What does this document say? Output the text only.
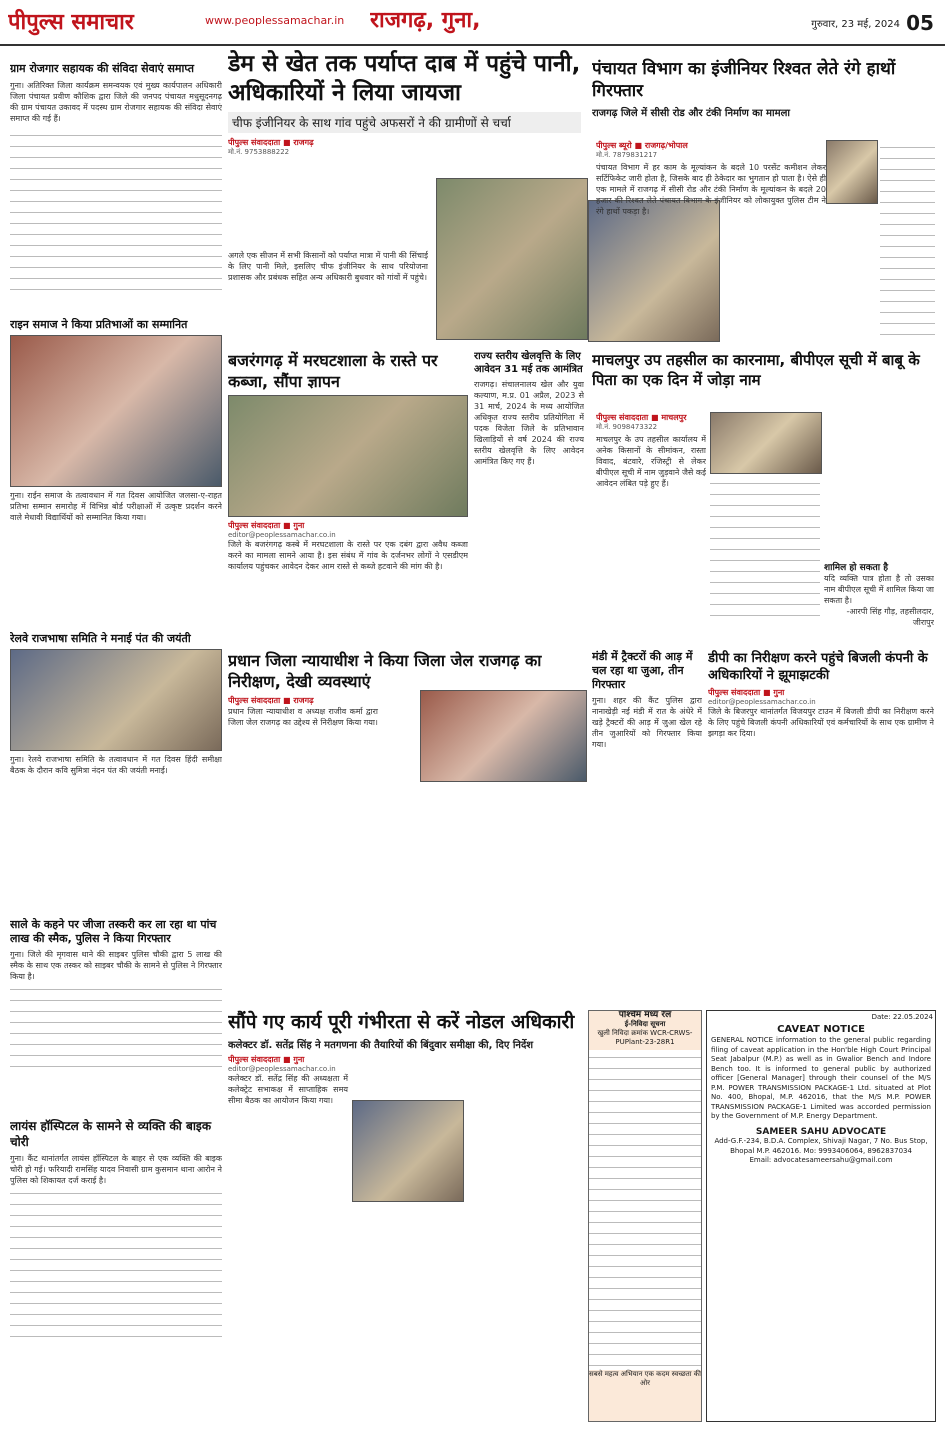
पीपुल्स समाचार	www.peoplessamachar.in	राजगढ़, गुना,	गुरुवार, 23 मई, 2024 05
ग्राम रोजगार सहायक की संविदा सेवाएं समाप्त
गुना। अतिरिक्त जिला कार्यक्रम समन्वयक एवं मुख्य कार्यपालन अधिकारी जिला पंचायत प्रवीण कौशिक द्वारा जिले की जनपद पंचायत मधुसूदनगढ़ की ग्राम पंचायत उकावद में पदस्थ ग्राम रोजगार सहायक की संविदा सेवाएं समाप्त की गई हैं।
डेम से खेत तक पर्याप्त दाब में पहुंचे पानी, अधिकारियों ने लिया जायजा
चीफ इंजीनियर के साथ गांव पहुंचे अफसरों ने की ग्रामीणों से चर्चा
पीपुल्स संवाददाता ■ राजगढ़
मो.नं. 9753888222
अगले एक सीजन में सभी किसानों को पर्याप्त मात्रा में पानी की सिंचाई के लिए पानी मिले, इसलिए चीफ इंजीनियर के साथ परियोजना प्रशासक और प्रबंधक सहित अन्य अधिकारी बुधवार को गांवों में पहुंचे।
पंचायत विभाग का इंजीनियर रिश्वत लेते रंगे हाथों गिरफ्तार
राजगढ़ जिले में सीसी रोड और टंकी निर्माण का मामला
पीपुल्स ब्यूरो ■ राजगढ़/भोपाल
मो.नं. 7879831217
पंचायत विभाग में हर काम के मूल्यांकन के बदले 10 परसेंट कमीशन लेकर सर्टिफिकेट जारी होता है, जिसके बाद ही ठेकेदार का भुगतान हो पाता है। ऐसे ही एक मामले में राजगढ़ में सीसी रोड और टंकी निर्माण के मूल्यांकन के बदले 20 हजार की रिश्वत लेते पंचायत विभाग के इंजीनियर को लोकायुक्त पुलिस टीम ने रंगे हाथों पकड़ा है।
राइन समाज ने किया प्रतिभाओं का सम्मानित
गुना। राईन समाज के तत्वावधान में गत दिवस आयोजित जलसा-ए-राहत प्रतिभा सम्मान समारोह में विभिन्न बोर्ड परीक्षाओं में उत्कृष्ट प्रदर्शन करने वाले मेधावी विद्यार्थियों को सम्मानित किया गया।
बजरंगगढ़ में मरघटशाला के रास्ते पर कब्जा, सौंपा ज्ञापन
पीपुल्स संवाददाता ■ गुना
editor@peoplessamachar.co.in
जिले के बजरंगगढ़ कस्बे में मरघटशाला के रास्ते पर एक दबंग द्वारा अवैध कब्जा करने का मामला सामने आया है। इस संबंध में गांव के दर्जनभर लोगों ने एसडीएम कार्यालय पहुंचकर आवेदन देकर आम रास्ते से कब्जे हटवाने की मांग की है।
राज्य स्तरीय खेलवृत्ति के लिए आवेदन 31 मई तक आमंत्रित
राजगढ़। संचालनालय खेल और युवा कल्याण, म.प्र. 01 अप्रैल, 2023 से 31 मार्च, 2024 के मध्य आयोजित अधिकृत राज्य स्तरीय प्रतियोगिता में पदक विजेता जिले के प्रतिभावान खिलाड़ियों से वर्ष 2024 की राज्य स्तरीय खेलवृत्ति के लिए आवेदन आमंत्रित किए गए हैं।
माचलपुर उप तहसील का कारनामा, बीपीएल सूची में बाबू के पिता का एक दिन में जोड़ा नाम
पीपुल्स संवाददाता ■ माचलपुर
मो.नं. 9098473322
माचलपुर के उप तहसील कार्यालय में अनेक किसानों के सीमांकन, रास्ता विवाद, बंटवारे, रजिस्ट्री से लेकर बीपीएल सूची में नाम जुड़वाने जैसे कई आवेदन लंबित पड़े हुए हैं।
शामिल हो सकता है
यदि व्यक्ति पात्र होता है तो उसका नाम बीपीएल सूची में शामिल किया जा सकता है।
-आरपी सिंह गौड़, तहसीलदार, जीरापुर
रेलवे राजभाषा समिति ने मनाई पंत की जयंती
गुना। रेलवे राजभाषा समिति के तत्वावधान में गत दिवस हिंदी समीक्षा बैठक के दौरान कवि सुमित्रा नंदन पंत की जयंती मनाई।
प्रधान जिला न्यायाधीश ने किया जिला जेल राजगढ़ का निरीक्षण, देखी व्यवस्थाएं
पीपुल्स संवाददाता ■ राजगढ़
प्रधान जिला न्यायाधीश व अध्यक्ष राजीव कर्मा द्वारा जिला जेल राजगढ़ का उद्देश्य से निरीक्षण किया गया।
मंडी में ट्रैक्टरों की आड़ में चल रहा था जुआ, तीन गिरफ्तार
गुना। शहर की कैंट पुलिस द्वारा नानाखेड़ी नई मंडी में रात के अंधेरे में खड़े ट्रैक्टरों की आड़ में जुआ खेल रहे तीन जुआरियों को गिरफ्तार किया गया।
डीपी का निरीक्षण करने पहुंचे बिजली कंपनी के अधिकारियों ने झूमाझटकी
पीपुल्स संवाददाता ■ गुना
editor@peoplessamachar.co.in
जिले के बिजरपुर थानांतर्गत विजयपुर टाउन में बिजली डीपी का निरीक्षण करने के लिए पहुंचे बिजली कंपनी अधिकारियों एवं कर्मचारियों के साथ एक ग्रामीण ने झगड़ा कर दिया।
साले के कहने पर जीजा तस्करी कर ला रहा था पांच लाख की स्मैक, पुलिस ने किया गिरफ्तार
गुना। जिले की मृगवास थाने की साइबर पुलिस चौकी द्वारा 5 लाख की स्मैक के साथ एक तस्कर को साइबर चौकी के सामने से पुलिस ने गिरफ्तार किया है।
लायंस हॉस्पिटल के सामने से व्यक्ति की बाइक चोरी
गुना। कैंट थानांतर्गत लायंस हॉस्पिटल के बाहर से एक व्यक्ति की बाइक चोरी हो गई। फरियादी रामसिंह यादव निवासी ग्राम कुसमान थाना आरोन ने पुलिस को शिकायत दर्ज कराई है।
सौंपे गए कार्य पूरी गंभीरता से करें नोडल अधिकारी
कलेक्टर डॉ. सतेंद्र सिंह ने मतगणना की तैयारियों की बिंदुवार समीक्षा की, दिए निर्देश
पीपुल्स संवाददाता ■ गुना
editor@peoplessamachar.co.in
कलेक्टर डॉ. सतेंद्र सिंह की अध्यक्षता में कलेक्ट्रेट सभाकक्ष में साप्ताहिक समय सीमा बैठक का आयोजन किया गया।
पश्चिम मध्य रेल
ई-निविदा सूचना
खुली निविदा क्रमांक WCR-CRWS-PUPlant-23-28R1
सबसे महत्व अभियान एक कदम स्वच्छता की ओर
Date: 22.05.2024
CAVEAT NOTICE
GENERAL NOTICE information to the general public regarding filing of caveat application in the Hon'ble High Court Principal Seat Jabalpur (M.P.) as well as in Gwalior Bench and Indore Bench too. It is informed to general public by authorized officer [General Manager] through their counsel of the M/S P.M. POWER TRANSMISSION PACKAGE-1 Ltd. situated at Plot No. 400, Bhopal, M.P. 462016, that the M/S M.P. POWER TRANSMISSION PACKAGE-1 Limited was accorded permission by the Government of M.P. Energy Department.
SAMEER SAHU ADVOCATE
Add-G.F.-234, B.D.A. Complex, Shivaji Nagar, 7 No. Bus Stop, Bhopal M.P. 462016. Mo: 9993406064, 8962837034
Email: advocatesameersahu@gmail.com
